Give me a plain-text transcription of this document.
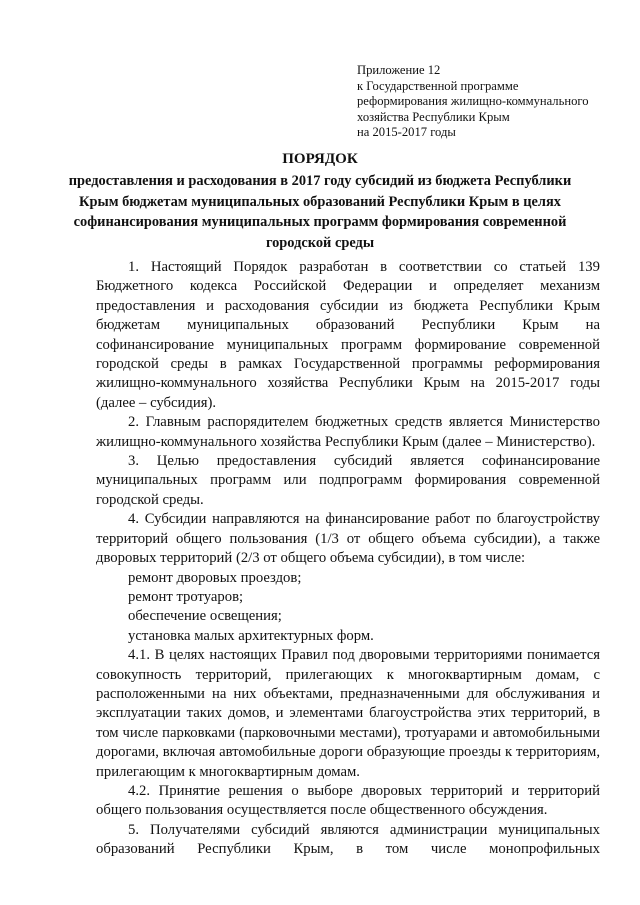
Приложение 12
к Государственной программе
реформирования жилищно-коммунального
хозяйства Республики Крым
на 2015-2017 годы
ПОРЯДОК
предоставления и расходования в 2017 году субсидий из бюджета Республики Крым бюджетам муниципальных образований Республики Крым в целях софинансирования муниципальных программ формирования современной городской среды

1. Настоящий Порядок разработан в соответствии со статьей 139 Бюджетного кодекса Российской Федерации и определяет механизм предоставления и расходования субсидии из бюджета Республики Крым бюджетам муниципальных образований Республики Крым на софинансирование муниципальных программ формирование современной городской среды в рамках Государственной программы реформирования жилищно-коммунального хозяйства Республики Крым на 2015-2017 годы (далее – субсидия).

2. Главным распорядителем бюджетных средств является Министерство жилищно-коммунального хозяйства Республики Крым (далее – Министерство).

3. Целью предоставления субсидий является софинансирование муниципальных программ или подпрограмм формирования современной городской среды.

4. Субсидии направляются на финансирование работ по благоустройству территорий общего пользования (1/3 от общего объема субсидии), а также дворовых территорий (2/3 от общего объема субсидии), в том числе:

ремонт дворовых проездов;

ремонт тротуаров;

обеспечение освещения;

установка малых архитектурных форм.

4.1. В целях настоящих Правил под дворовыми территориями понимается совокупность территорий, прилегающих к многоквартирным домам, с расположенными на них объектами, предназначенными для обслуживания и эксплуатации таких домов, и элементами благоустройства этих территорий, в том числе парковками (парковочными местами), тротуарами и автомобильными дорогами, включая автомобильные дороги образующие проезды к территориям, прилегающим к многоквартирным домам.

4.2. Принятие решения о выборе дворовых территорий и территорий общего пользования осуществляется после общественного обсуждения.

5. Получателями субсидий являются администрации муниципальных образований Республики Крым, в том числе монопрофильных
